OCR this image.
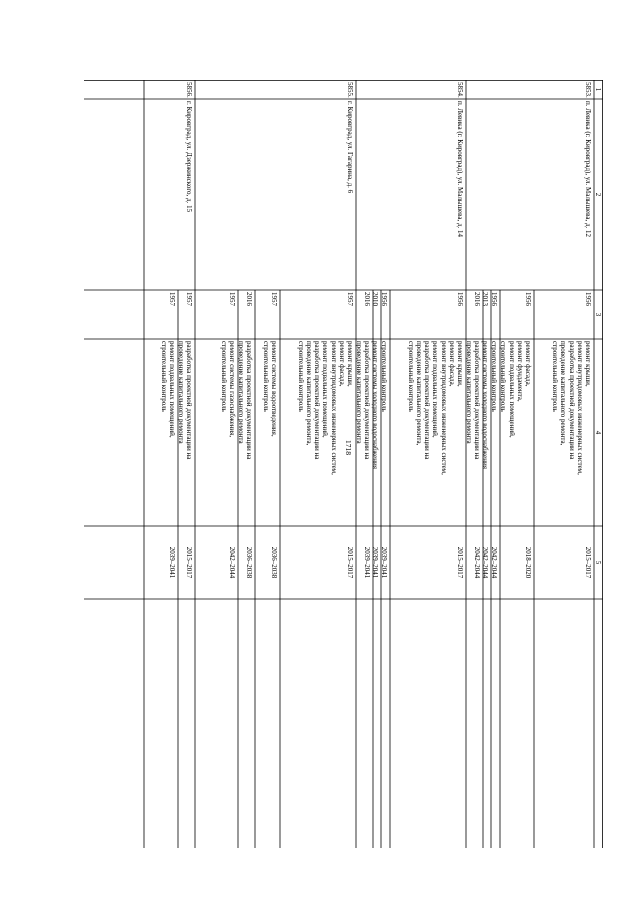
1718
1
2
3
4
5
1956
ремонт крыши,
ремонт внутридомовых инженерных систем,
разработка проектной документации на
проведение капитального ремонта,
строительный контроль
2015–2017
1956
ремонт фасада,
ремонт фундамента,
ремонт подвальных помещений,
строительный контроль
2018–2020
1956
строительный контроль
2042–2044
2013
ремонт системы холодного водоснабжения
2042–2044
2016
разработка проектной документации на
проведение капитального ремонта
2042–2044
5853.
п. Левикa (г. Кировград), ул. Малышева, д. 12
1956
ремонт крыши,
ремонт фасада,
ремонт внутридомовых инженерных систем,
ремонт подвальных помещений,
разработка проектной документации на
проведение капитального ремонта,
строительный контроль
2015–2017
1956
строительный контроль
2039–2041
2010
ремонт системы холодного водоснабжения
2039–2041
2016
разработка проектной документации на
проведение капитального ремонта
2039–2041
5854.
п. Левикa (г. Кировград), ул. Малышева, д. 14
1957
ремонт крыши,
ремонт фасада,
ремонт внутридомовых инженерных систем,
ремонт подвальных помещений,
разработка проектной документации на
проведение капитального ремонта,
строительный контроль
2015–2017
1957
ремонт системы водоотведения,
строительный контроль
2036–2038
2016
разработка проектной документации на
проведение капитального ремонта
2036–2038
1957
ремонт системы газоснабжения,
строительный контроль
2042–2044
5855.
г. Кировград, ул. Гагарина, д. 6
1957
разработка проектной документации на
проведение капитального ремонта
2015–2017
1957
ремонт подвальных помещений,
строительный контроль
2039–2041
5856.
г. Кировград, ул. Дзержинского, д. 15
